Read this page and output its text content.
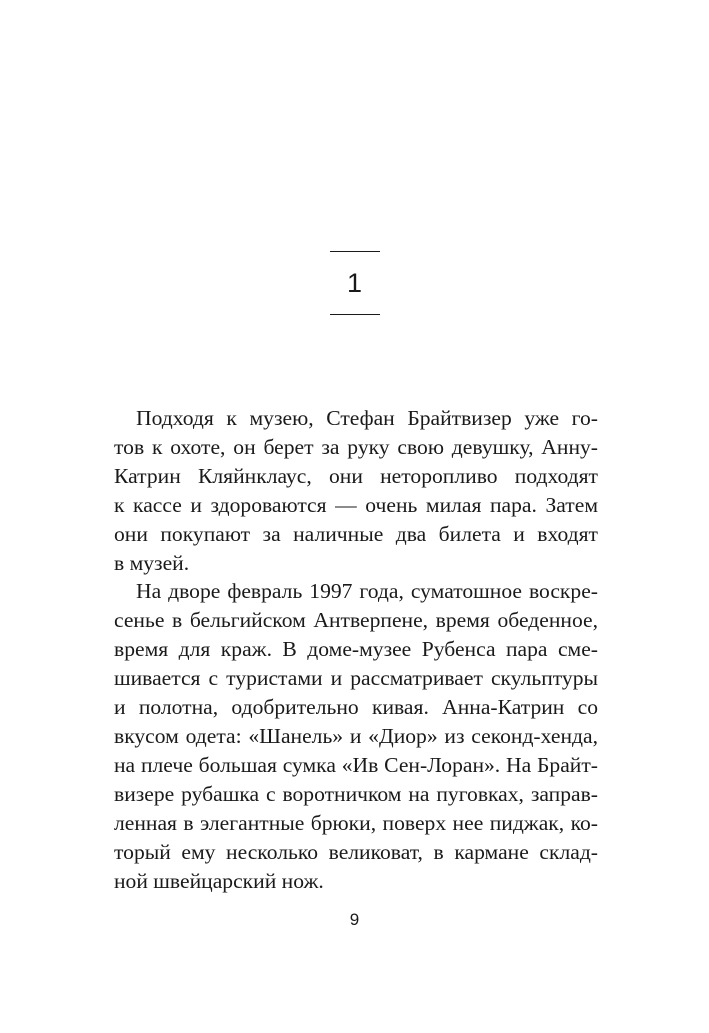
1
Подходя к музею, Стефан Брайтвизер уже го-
тов к охоте, он берет за руку свою девушку, Анну-
Катрин Кляйнклаус, они неторопливо подходят
к кассе и здороваются — очень милая пара. Затем
они покупают за наличные два билета и входят
в музей.
На дворе февраль 1997 года, суматошное воскре-
сенье в бельгийском Антверпене, время обеденное,
время для краж. В доме-музее Рубенса пара сме-
шивается с туристами и рассматривает скульптуры
и полотна, одобрительно кивая. Анна-Катрин со
вкусом одета: «Шанель» и «Диор» из секонд-хенда,
на плече большая сумка «Ив Сен-Лоран». На Брайт-
визере рубашка с воротничком на пуговках, заправ-
ленная в элегантные брюки, поверх нее пиджак, ко-
торый ему несколько великоват, в кармане склад-
ной швейцарский нож.
9
